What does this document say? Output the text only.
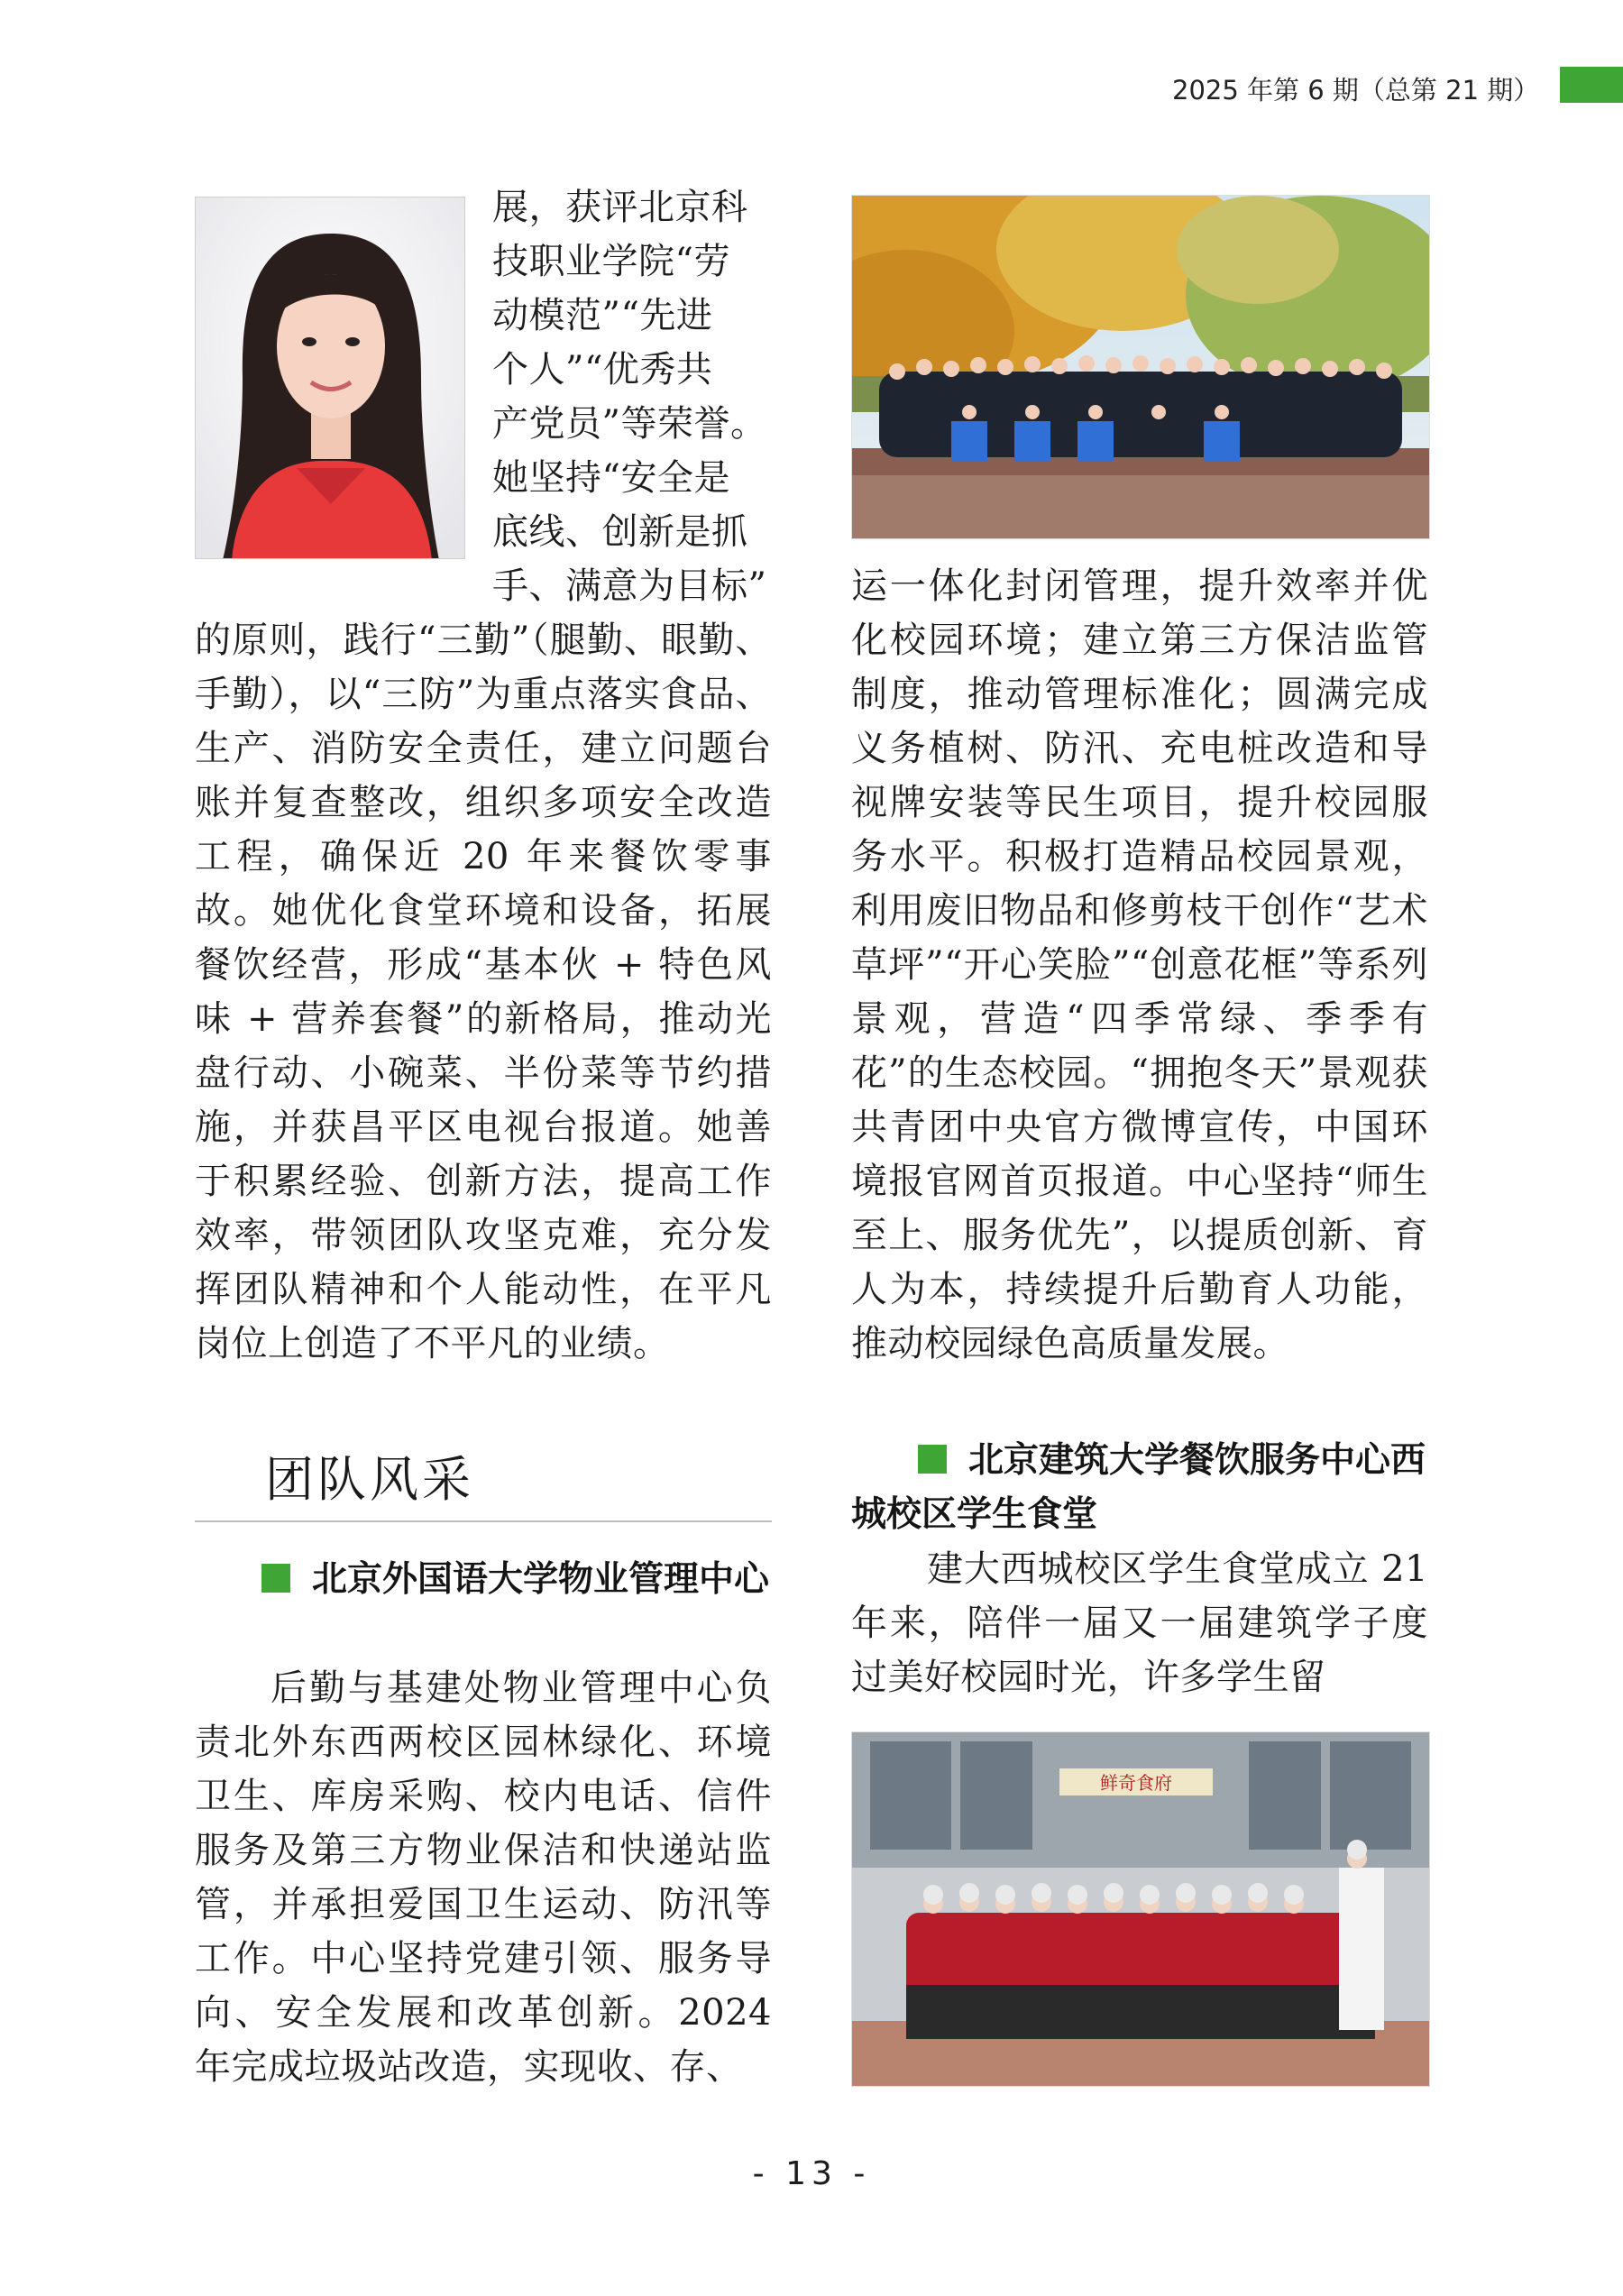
2025 年第 6 期（总第 21 期）
展，获评北京科
技职业学院“劳
动模范”“先进
个人”“优秀共
产党员”等荣誉。
她坚持“安全是
底线、创新是抓
手、满意为目标”
的原则，践行“三勤”（腿勤、眼勤、手勤），以“三防”为重点落实食品、生产、消防安全责任，建立问题台账并复查整改，组织多项安全改造工程，确保近 20 年来餐饮零事故。她优化食堂环境和设备，拓展餐饮经营，形成“基本伙 + 特色风味 + 营养套餐”的新格局，推动光盘行动、小碗菜、半份菜等节约措施，并获昌平区电视台报道。她善于积累经验、创新方法，提高工作效率，带领团队攻坚克难，充分发挥团队精神和个人能动性，在平凡岗位上创造了不平凡的业绩。
团队风采
北京外国语大学物业管理中心
后勤与基建处物业管理中心负责北外东西两校区园林绿化、环境卫生、库房采购、校内电话、信件服务及第三方物业保洁和快递站监管，并承担爱国卫生运动、防汛等工作。中心坚持党建引领、服务导向、安全发展和改革创新。2024 年完成垃圾站改造，实现收、存、
运一体化封闭管理，提升效率并优化校园环境；建立第三方保洁监管制度，推动管理标准化；圆满完成义务植树、防汛、充电桩改造和导视牌安装等民生项目，提升校园服务水平。积极打造精品校园景观，利用废旧物品和修剪枝干创作“艺术草坪”“开心笑脸”“创意花框”等系列景观，营造“四季常绿、季季有花”的生态校园。“拥抱冬天”景观获共青团中央官方微博宣传，中国环境报官网首页报道。中心坚持“师生至上、服务优先”，以提质创新、育人为本，持续提升后勤育人功能，推动校园绿色高质量发展。
北京建筑大学餐饮服务中心西城校区学生食堂
建大西城校区学生食堂成立 21 年来，陪伴一届又一届建筑学子度过美好校园时光，许多学生留
鲜奇食府
- 13 -
